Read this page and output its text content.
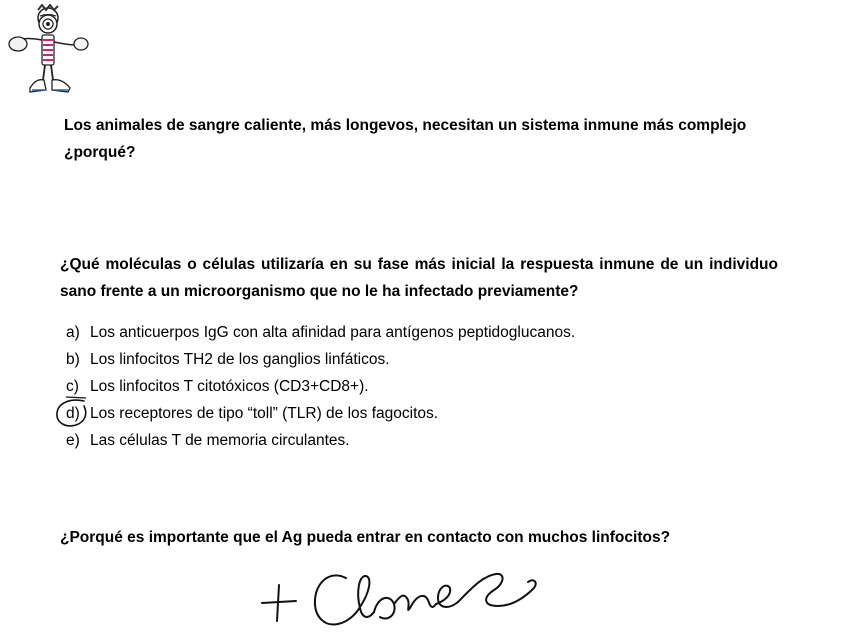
Los animales de sangre caliente, más longevos, necesitan un sistema inmune más complejo
¿porqué?
¿Qué moléculas o células utilizaría en su fase más inicial la respuesta inmune de un individuo sano frente a un microorganismo que no le ha infectado previamente?
a) Los anticuerpos IgG con alta afinidad para antígenos peptidoglucanos.
b) Los linfocitos TH2 de los ganglios linfáticos.
c) Los linfocitos T citotóxicos (CD3+CD8+).
d) Los receptores de tipo “toll” (TLR) de los fagocitos.
e) Las células T de memoria circulantes.
¿Porqué es importante que el Ag pueda entrar en contacto con muchos linfocitos?
